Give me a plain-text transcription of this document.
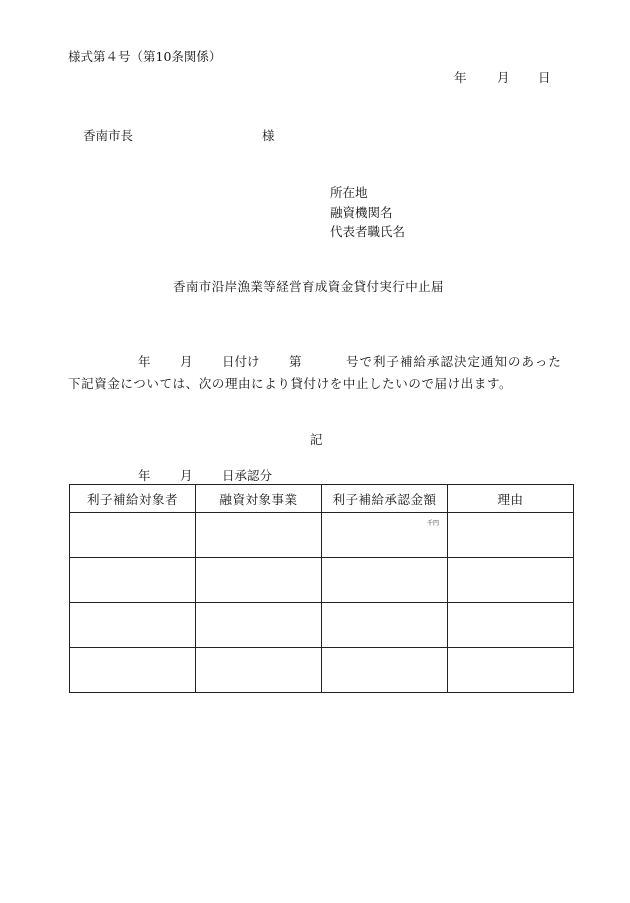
様式第４号（第10条関係）
年 月 日
香南市長	様
所在地
融資機関名
代表者職氏名
香南市沿岸漁業等経営育成資金貸付実行中止届
年 月 日付け 第	号で利子補給承認決定通知のあった
下記資金については、次の理由により貸付けを中止したいので届け出ます。
記
年 月 日承認分
利子補給対象者	融資対象事業	利子補給承認金額	理由

		千円	
